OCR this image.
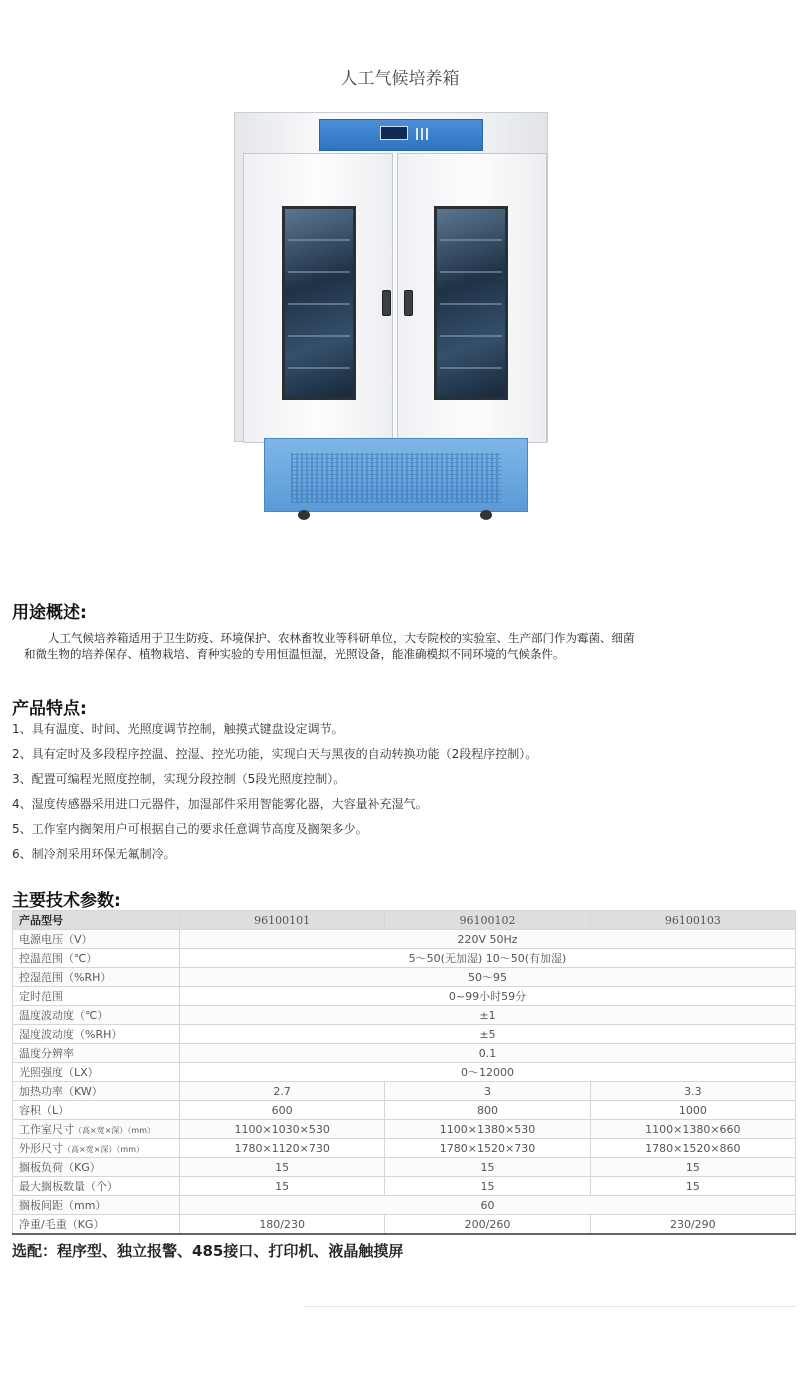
人工气候培养箱
用途概述:
人工气候培养箱适用于卫生防疫、环境保护、农林畜牧业等科研单位，大专院校的实验室、生产部门作为霉菌、细菌
和微生物的培养保存、植物栽培、育种实验的专用恒温恒湿，光照设备，能准确模拟不同环境的气候条件。
产品特点:
1、具有温度、时间、光照度调节控制，触摸式键盘设定调节。
2、具有定时及多段程序控温、控湿、控光功能，实现白天与黑夜的自动转换功能（2段程序控制）。
3、配置可编程光照度控制，实现分段控制（5段光照度控制）。
4、湿度传感器采用进口元器件，加湿部件采用智能雾化器，大容量补充湿气。
5、工作室内搁架用户可根据自己的要求任意调节高度及搁架多少。
6、制冷剂采用环保无氟制冷。
主要技术参数:
产品型号	96100101	96100102	96100103
电源电压（V）	220V 50Hz		
控温范围（℃）	5～50(无加湿) 10～50(有加湿)		
控湿范围（%RH）	50～95		
定时范围	0~99小时59分		
温度波动度（℃）	±1		
湿度波动度（%RH）	±5		
温度分辨率	0.1		
光照强度（LX）	0～12000		
加热功率（KW）	2.7	3	3.3
容积（L）	600	800	1000
工作室尺寸（高×宽×深）（mm）	1100×1030×530	1100×1380×530	1100×1380×660
外形尺寸（高×宽×深）（mm）	1780×1120×730	1780×1520×730	1780×1520×860
搁板负荷（KG）	15	15	15
最大搁板数量（个）	15	15	15
搁板间距（mm）	60		
净重/毛重（KG）	180/230	200/260	230/290
选配：程序型、独立报警、485接口、打印机、液晶触摸屏
